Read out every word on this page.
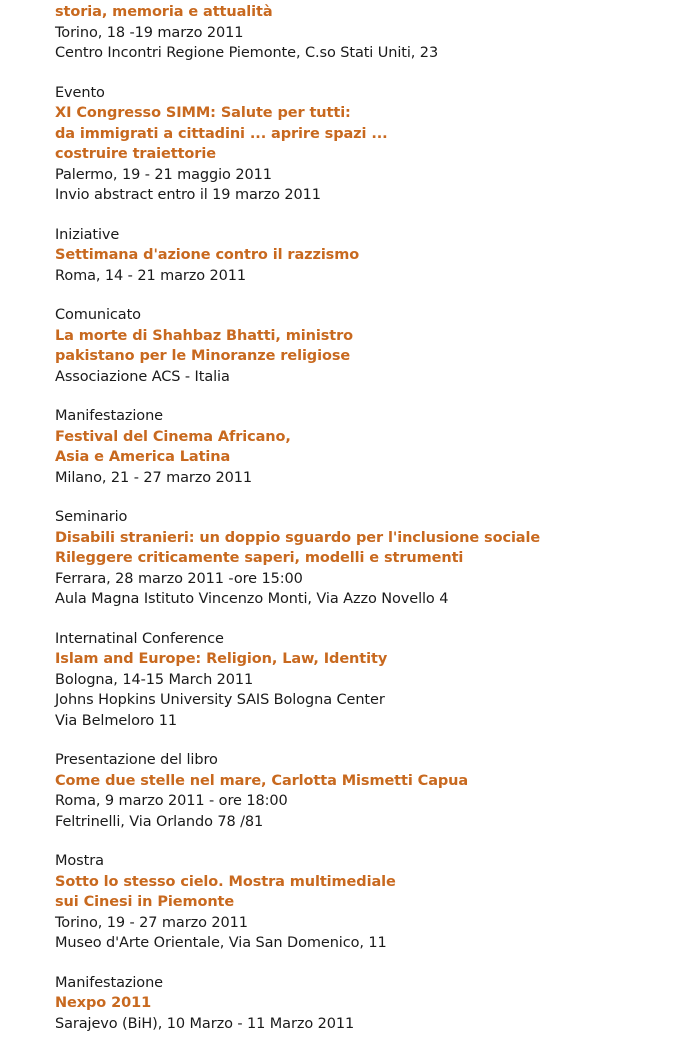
storia, memoria e attualità
Torino, 18 -19 marzo 2011
Centro Incontri Regione Piemonte, C.so Stati Uniti, 23
Evento
XI Congresso SIMM: Salute per tutti:
da immigrati a cittadini ... aprire spazi ...
costruire traiettorie
Palermo, 19 - 21 maggio 2011
Invio abstract entro il 19 marzo 2011
Iniziative
Settimana d'azione contro il razzismo
Roma, 14 - 21 marzo 2011
Comunicato
La morte di Shahbaz Bhatti, ministro
pakistano per le Minoranze religiose
Associazione ACS - Italia
Manifestazione
Festival del Cinema Africano,
Asia e America Latina
Milano, 21 - 27 marzo 2011
Seminario
Disabili stranieri: un doppio sguardo per l'inclusione sociale
Rileggere criticamente saperi, modelli e strumenti
Ferrara, 28 marzo 2011 -ore 15:00
Aula Magna Istituto Vincenzo Monti, Via Azzo Novello 4
Internatinal Conference
Islam and Europe: Religion, Law, Identity
Bologna, 14-15 March 2011
Johns Hopkins University SAIS Bologna Center
Via Belmeloro 11
Presentazione del libro
Come due stelle nel mare, Carlotta Mismetti Capua
Roma, 9 marzo 2011 - ore 18:00
Feltrinelli, Via Orlando 78 /81
Mostra
Sotto lo stesso cielo. Mostra multimediale
sui Cinesi in Piemonte
Torino, 19 - 27 marzo 2011
Museo d'Arte Orientale, Via San Domenico, 11
Manifestazione
Nexpo 2011
Sarajevo (BiH), 10 Marzo - 11 Marzo 2011
